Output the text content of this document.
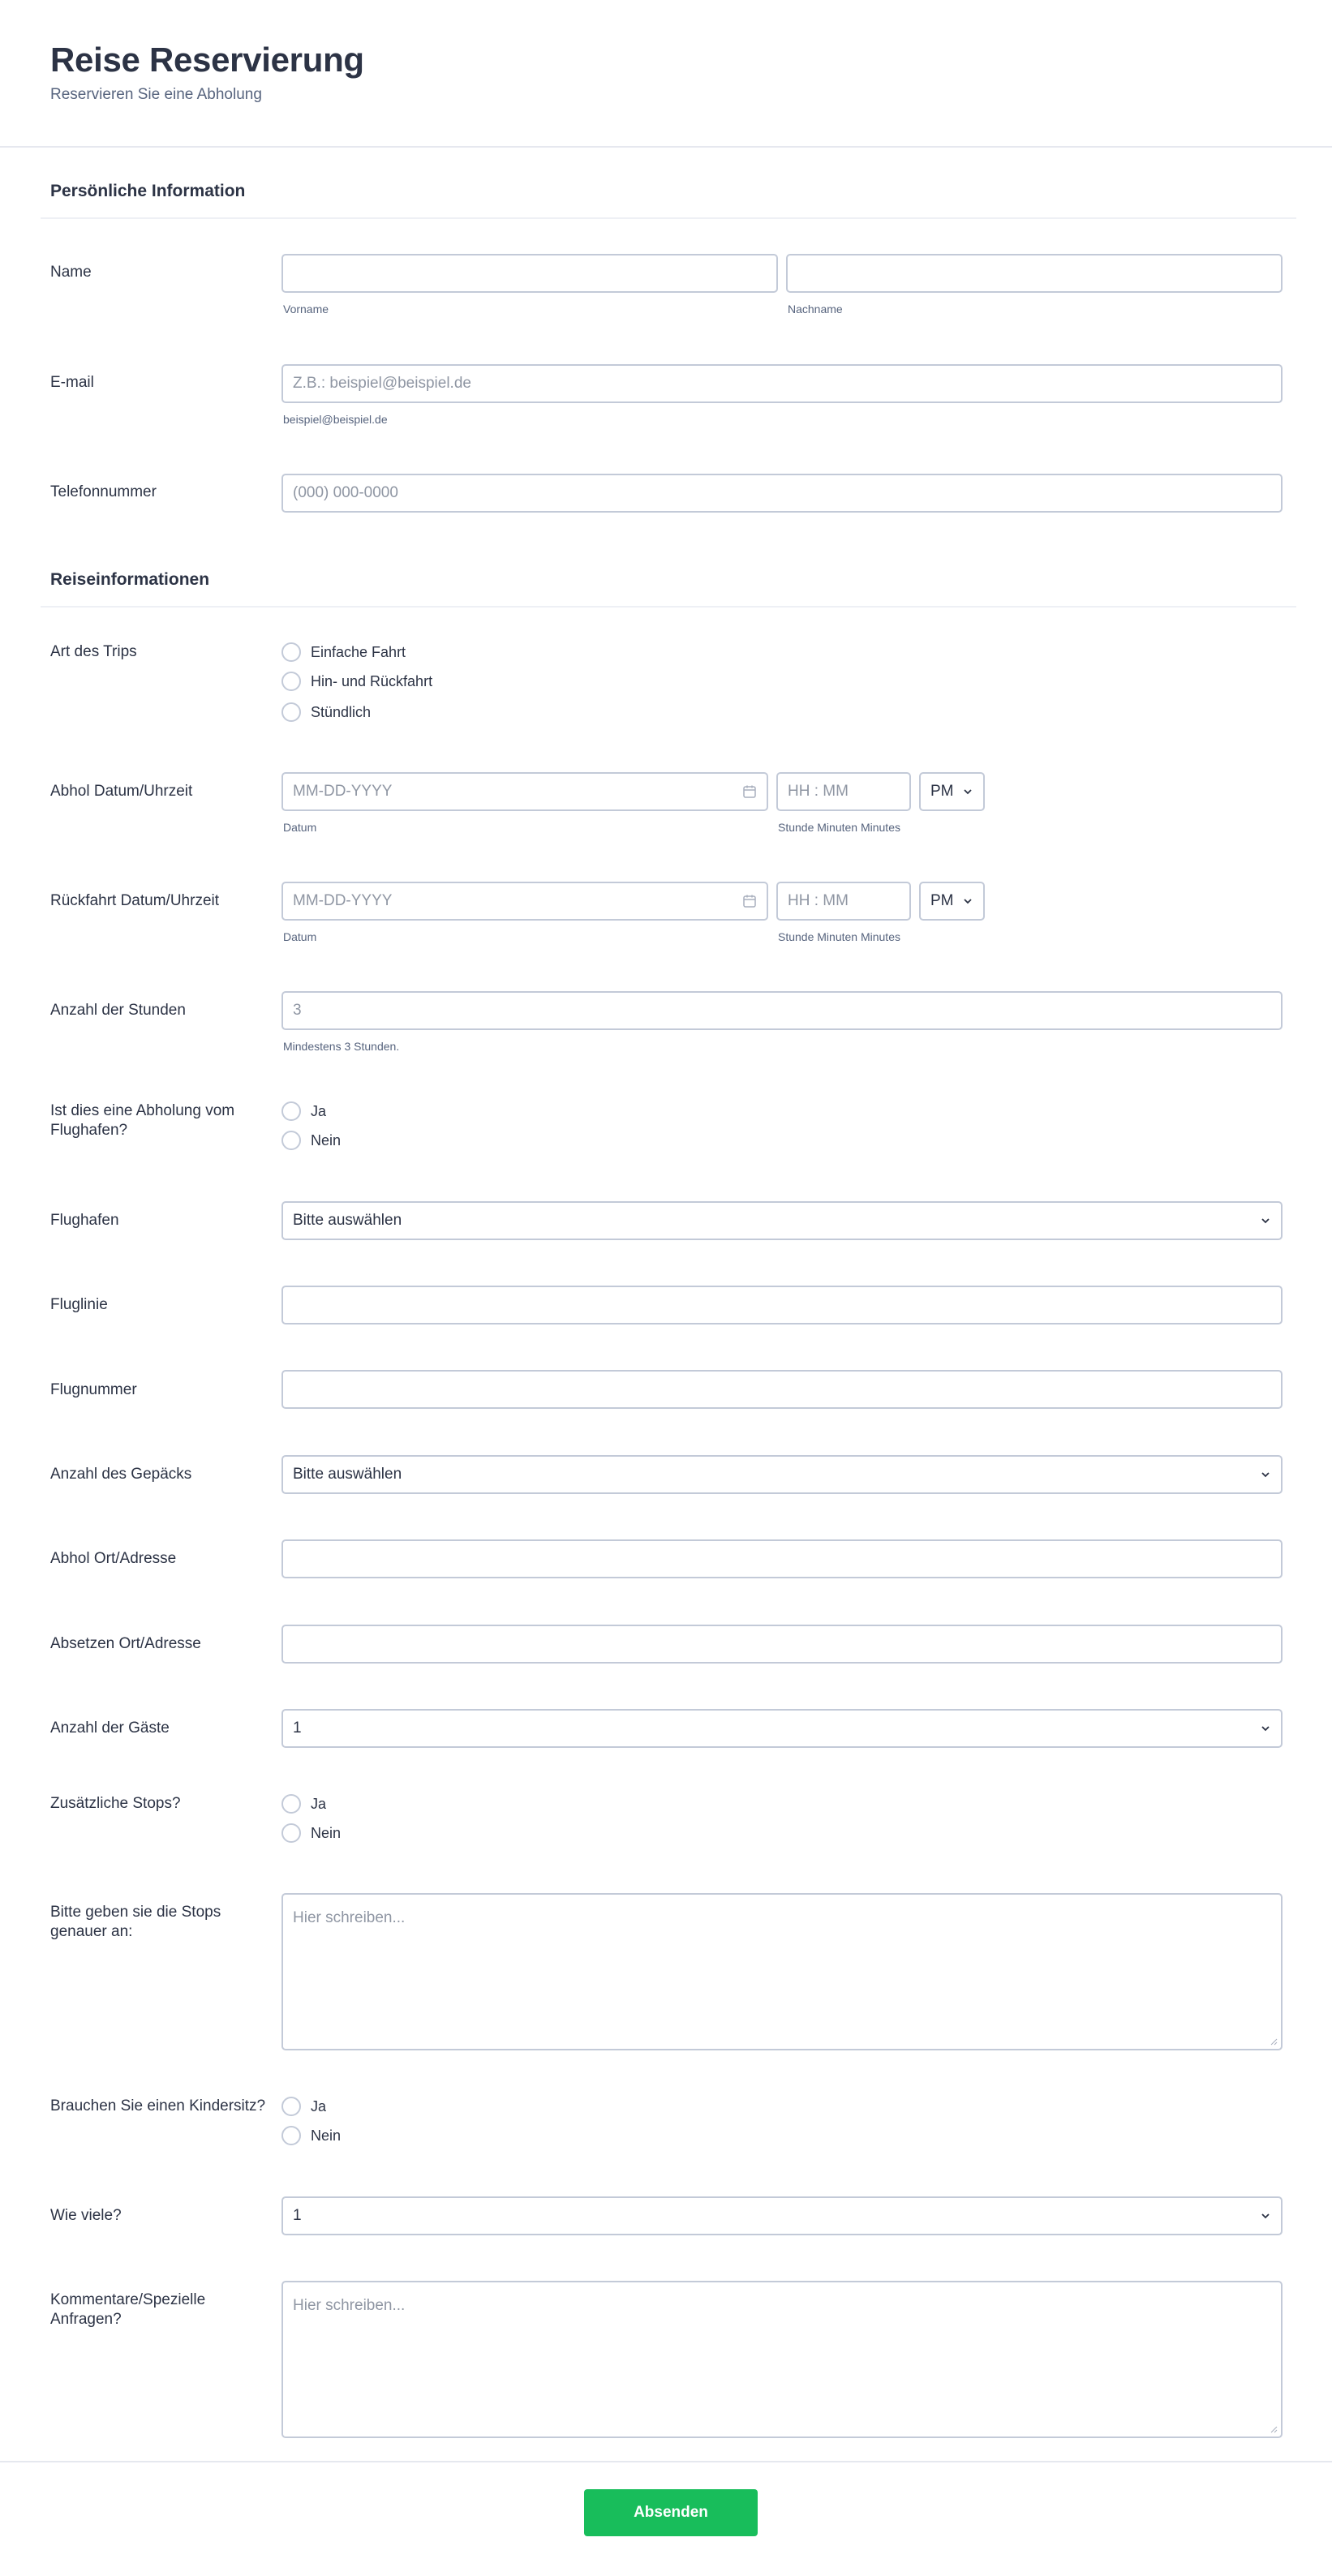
Reise Reservierung
Reservieren Sie eine Abholung
Persönliche Information
Name
Vorname	Nachname
E-mail	Z.B.: beispiel@beispiel.de
beispiel@beispiel.de
Telefonnummer	(000) 000-0000
Reiseinformationen
Art des Trips	Einfache Fahrt
Hin- und Rückfahrt
Stündlich
Abhol Datum/Uhrzeit	MM-DD-YYYY	HH : MM	PM
Datum	Stunde Minuten Minutes
Rückfahrt Datum/Uhrzeit	MM-DD-YYYY	HH : MM	PM
Datum	Stunde Minuten Minutes
Anzahl der Stunden	3
Mindestens 3 Stunden.
Ist dies eine Abholung vom Flughafen?
Ja
Nein
Flughafen	Bitte auswählen
Fluglinie
Flugnummer
Anzahl des Gepäcks	Bitte auswählen
Abhol Ort/Adresse
Absetzen Ort/Adresse
Anzahl der Gäste	1
Zusätzliche Stops?	Ja
Nein
Bitte geben sie die Stops genauer an:
Hier schreiben...
Brauchen Sie einen Kindersitz?	Ja
Nein
Wie viele?	1
Kommentare/Spezielle Anfragen?
Hier schreiben...
Absenden
